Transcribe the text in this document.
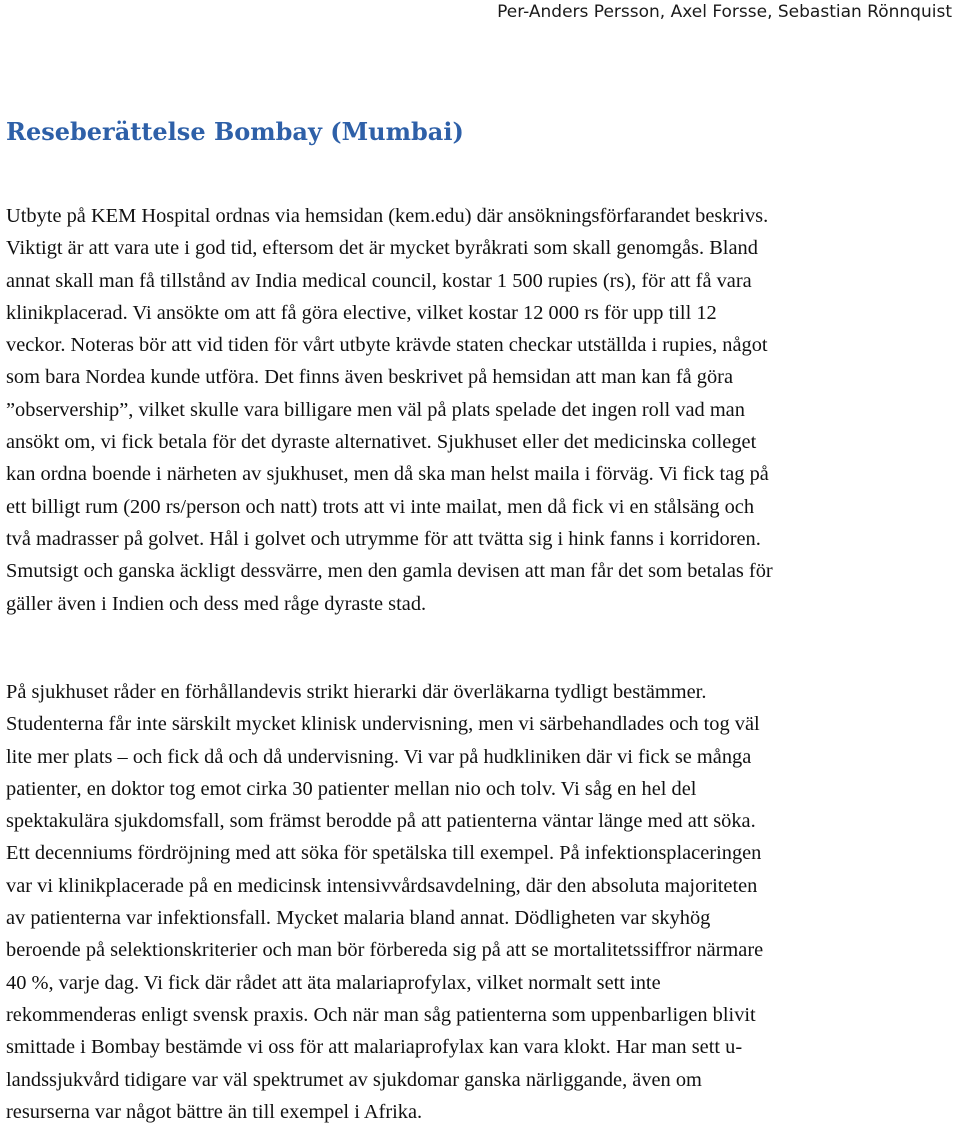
Per-Anders Persson, Axel Forsse, Sebastian Rönnquist
Reseberättelse Bombay (Mumbai)

Utbyte på KEM Hospital ordnas via hemsidan (kem.edu) där ansökningsförfarandet beskrivs.
Viktigt är att vara ute i god tid, eftersom det är mycket byråkrati som skall genomgås. Bland
annat skall man få tillstånd av India medical council, kostar 1 500 rupies (rs), för att få vara
klinikplacerad. Vi ansökte om att få göra elective, vilket kostar 12 000 rs för upp till 12
veckor. Noteras bör att vid tiden för vårt utbyte krävde staten checkar utställda i rupies, något
som bara Nordea kunde utföra. Det finns även beskrivet på hemsidan att man kan få göra
”observership”, vilket skulle vara billigare men väl på plats spelade det ingen roll vad man
ansökt om, vi fick betala för det dyraste alternativet. Sjukhuset eller det medicinska colleget
kan ordna boende i närheten av sjukhuset, men då ska man helst maila i förväg. Vi fick tag på
ett billigt rum (200 rs/person och natt) trots att vi inte mailat, men då fick vi en stålsäng och
två madrasser på golvet. Hål i golvet och utrymme för att tvätta sig i hink fanns i korridoren.
Smutsigt och ganska äckligt dessvärre, men den gamla devisen att man får det som betalas för
gäller även i Indien och dess med råge dyraste stad.

På sjukhuset råder en förhållandevis strikt hierarki där överläkarna tydligt bestämmer.
Studenterna får inte särskilt mycket klinisk undervisning, men vi särbehandlades och tog väl
lite mer plats – och fick då och då undervisning. Vi var på hudkliniken där vi fick se många
patienter, en doktor tog emot cirka 30 patienter mellan nio och tolv. Vi såg en hel del
spektakulära sjukdomsfall, som främst berodde på att patienterna väntar länge med att söka.
Ett decenniums fördröjning med att söka för spetälska till exempel. På infektionsplaceringen
var vi klinikplacerade på en medicinsk intensivvårdsavdelning, där den absoluta majoriteten
av patienterna var infektionsfall. Mycket malaria bland annat. Dödligheten var skyhög
beroende på selektionskriterier och man bör förbereda sig på att se mortalitetssiffror närmare
40 %, varje dag. Vi fick där rådet att äta malariaprofylax, vilket normalt sett inte
rekommenderas enligt svensk praxis. Och när man såg patienterna som uppenbarligen blivit
smittade i Bombay bestämde vi oss för att malariaprofylax kan vara klokt. Har man sett u-
landssjukvård tidigare var väl spektrumet av sjukdomar ganska närliggande, även om
resurserna var något bättre än till exempel i Afrika.
